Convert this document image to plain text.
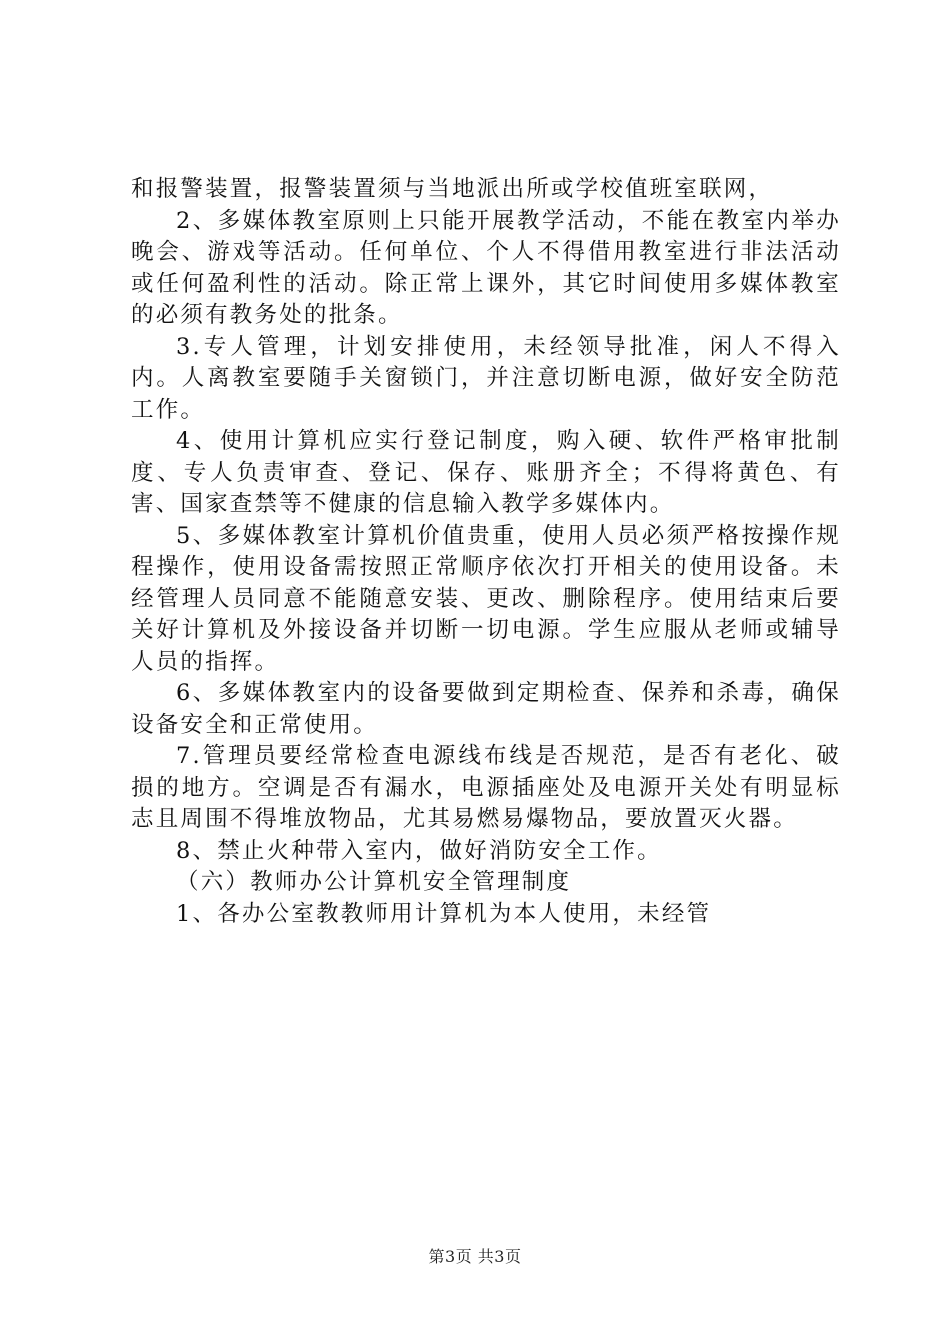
和报警装置，报警装置须与当地派出所或学校值班室联网，

2、多媒体教室原则上只能开展教学活动，不能在教室内举办晚会、游戏等活动。任何单位、个人不得借用教室进行非法活动或任何盈利性的活动。除正常上课外，其它时间使用多媒体教室的必须有教务处的批条。

3.专人管理，计划安排使用，未经领导批准，闲人不得入内。人离教室要随手关窗锁门，并注意切断电源，做好安全防范工作。

4、使用计算机应实行登记制度，购入硬、软件严格审批制度、专人负责审查、登记、保存、账册齐全；不得将黄色、有害、国家查禁等不健康的信息输入教学多媒体内。

5、多媒体教室计算机价值贵重，使用人员必须严格按操作规程操作，使用设备需按照正常顺序依次打开相关的使用设备。未经管理人员同意不能随意安装、更改、删除程序。使用结束后要关好计算机及外接设备并切断一切电源。学生应服从老师或辅导人员的指挥。

6、多媒体教室内的设备要做到定期检查、保养和杀毒，确保设备安全和正常使用。

7.管理员要经常检查电源线布线是否规范，是否有老化、破损的地方。空调是否有漏水，电源插座处及电源开关处有明显标志且周围不得堆放物品，尤其易燃易爆物品，要放置灭火器。

8、禁止火种带入室内，做好消防安全工作。

（六）教师办公计算机安全管理制度

1、各办公室教教师用计算机为本人使用，未经管

第3页 共3页
